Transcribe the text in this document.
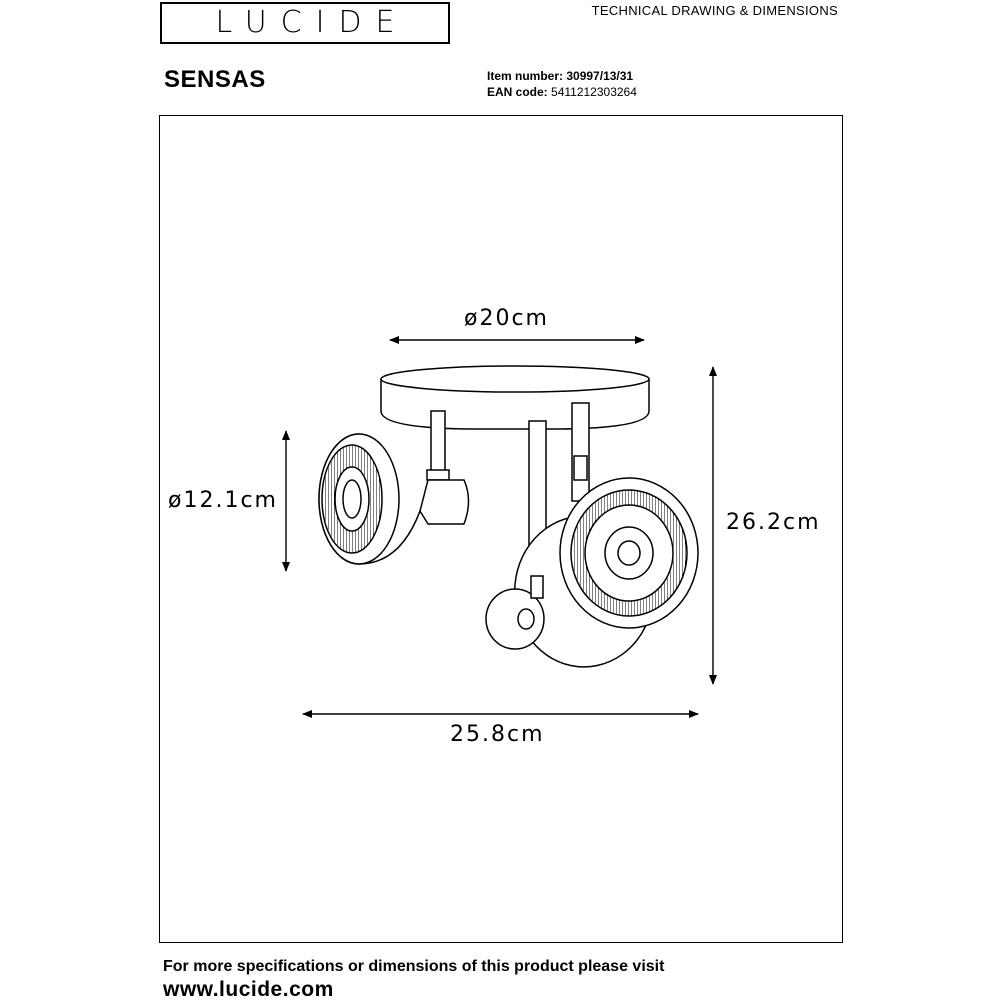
LUCIDE	TECHNICAL DRAWING & DIMENSIONS
SENSAS	Item number: 30997/13/31
EAN code: 5411212303264
ø20cm
ø12.1cm
26.2cm
25.8cm
For more specifications or dimensions of this product please visit
www.lucide.com
